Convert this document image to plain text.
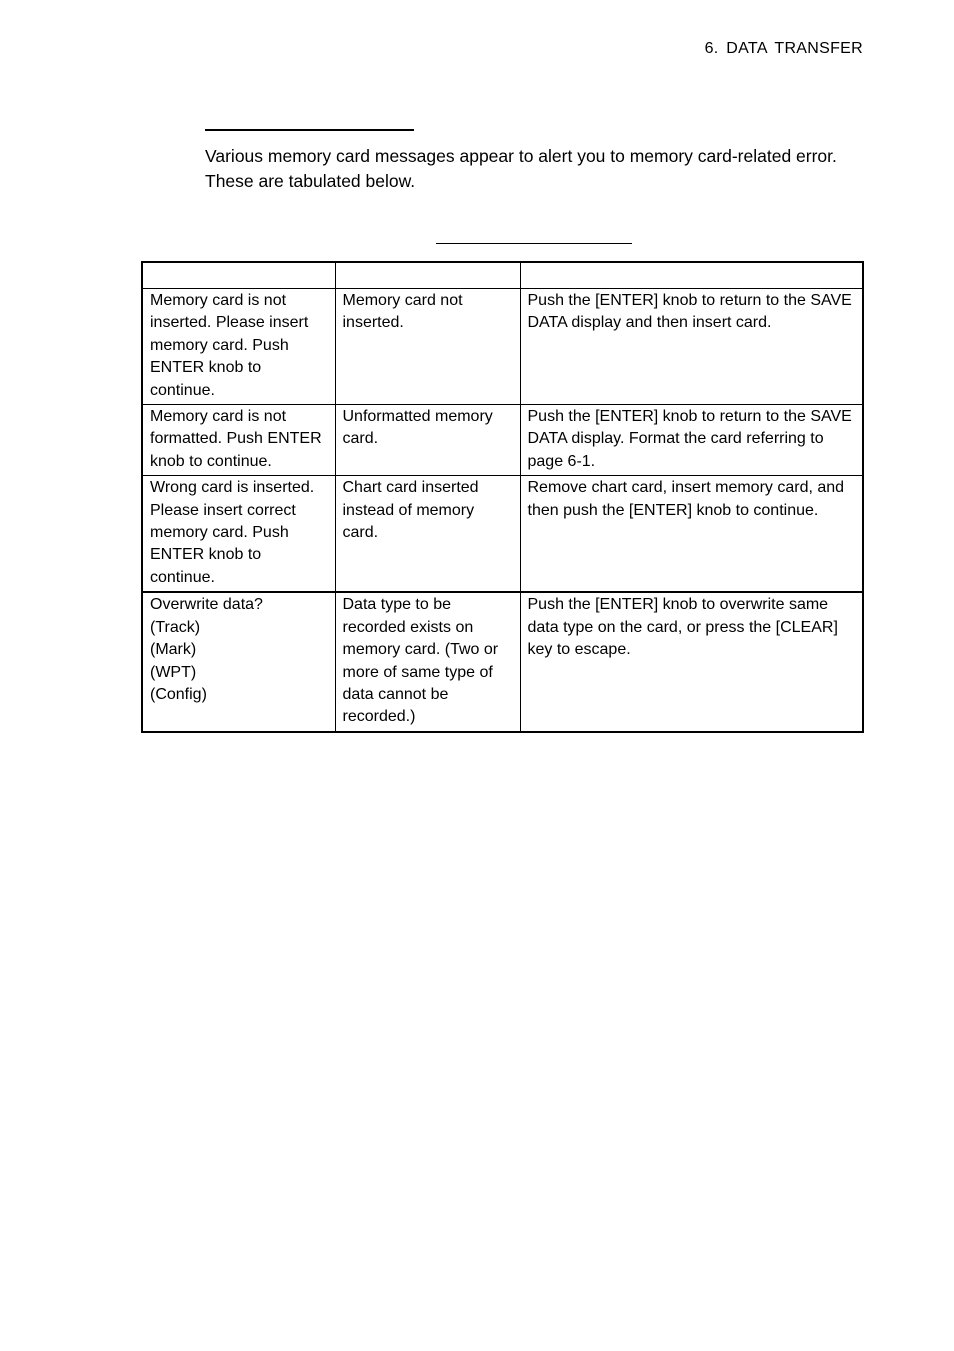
6. DATA TRANSFER

Various memory card messages appear to alert you to memory card-related error. These are tabulated below.

Memory card is not inserted. Please insert memory card. Push ENTER knob to continue.	Memory card not inserted.	Push the [ENTER] knob to return to the SAVE DATA display and then insert card.
Memory card is not formatted. Push ENTER knob to continue.	Unformatted memory card.	Push the [ENTER] knob to return to the SAVE DATA display. Format the card referring to page 6-1.
Wrong card is inserted. Please insert correct memory card. Push ENTER knob to continue.	Chart card inserted instead of memory card.	Remove chart card, insert memory card, and then push the [ENTER] knob to continue.
Overwrite data?
(Track)
(Mark)
(WPT)
(Config)	Data type to be recorded exists on memory card. (Two or more of same type of data cannot be recorded.)	Push the [ENTER] knob to overwrite same data type on the card, or press the [CLEAR] key to escape.
